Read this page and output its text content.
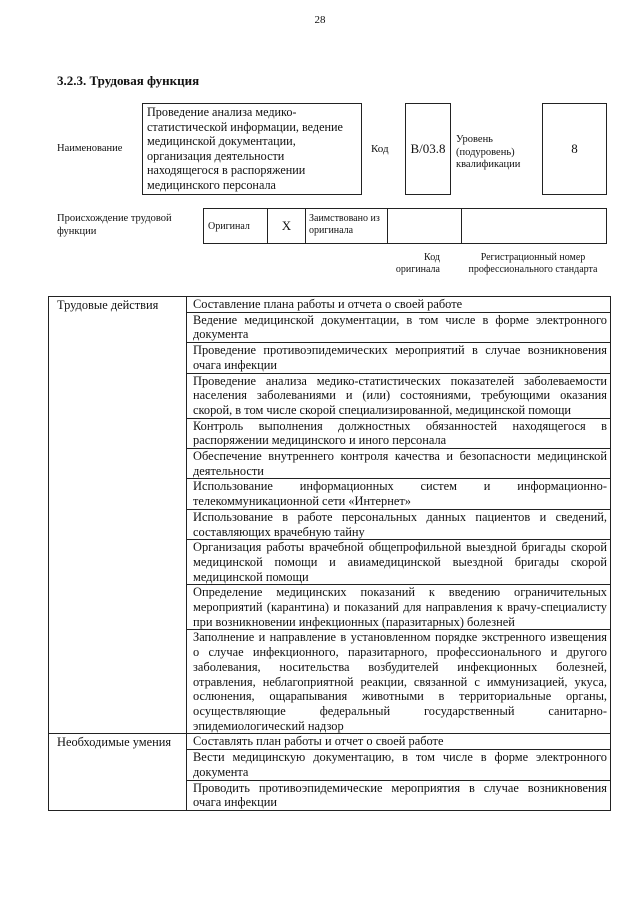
28
3.2.3. Трудовая функция
Наименование
Проведение анализа медико-статистической информации, ведение медицинской документации, организация деятельности находящегося в распоряжении медицинского персонала
Код B/03.8
Уровень (подуровень) квалификации
8
Происхождение трудовой функции	Оригинал	X	Заимствовано из оригинала
Код оригинала
Регистрационный номер профессионального стандарта
Трудовые действия	Составление плана работы и отчета о своей работе
	Ведение медицинской документации, в том числе в форме электронного документа
	Проведение противоэпидемических мероприятий в случае возникновения очага инфекции
	Проведение анализа медико-статистических показателей заболеваемости населения заболеваниями и (или) состояниями, требующими оказания скорой, в том числе скорой специализированной, медицинской помощи
	Контроль выполнения должностных обязанностей находящегося в распоряжении медицинского и иного персонала
	Обеспечение внутреннего контроля качества и безопасности медицинской деятельности
	Использование информационных систем и информационно-телекоммуникационной сети «Интернет»
	Использование в работе персональных данных пациентов и сведений, составляющих врачебную тайну
	Организация работы врачебной общепрофильной выездной бригады скорой медицинской помощи и авиамедицинской выездной бригады скорой медицинской помощи
	Определение медицинских показаний к введению ограничительных мероприятий (карантина) и показаний для направления к врачу-специалисту при возникновении инфекционных (паразитарных) болезней
	Заполнение и направление в установленном порядке экстренного извещения о случае инфекционного, паразитарного, профессионального и другого заболевания, носительства возбудителей инфекционных болезней, отравления, неблагоприятной реакции, связанной с иммунизацией, укуса, ослюнения, ощарапывания животными в территориальные органы, осуществляющие федеральный государственный санитарно-эпидемиологический надзор
Необходимые умения	Составлять план работы и отчет о своей работе
	Вести медицинскую документацию, в том числе в форме электронного документа
	Проводить противоэпидемические мероприятия в случае возникновения очага инфекции
